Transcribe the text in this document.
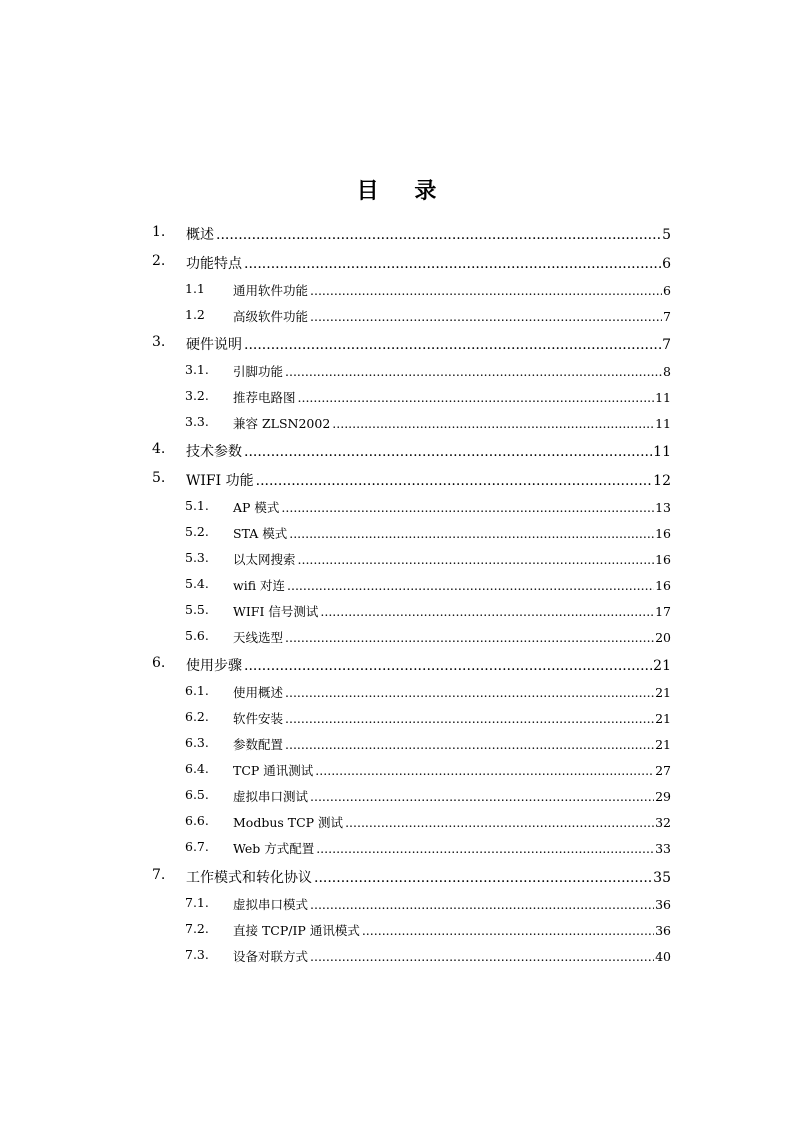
目 录
1. 概述 .....	5
2. 功能特点 .....	6
1.1 通用软件功能 .....	6
1.2 高级软件功能 .....	7
3. 硬件说明 .....	7
3.1. 引脚功能 .....	8
3.2. 推荐电路图 .....	11
3.3. 兼容 ZLSN2002 .....	11
4. 技术参数 .....	11
5. WIFI 功能 .....	12
5.1. AP 模式 .....	13
5.2. STA 模式 .....	16
5.3. 以太网搜索 .....	16
5.4. wifi 对连 .....	16
5.5. WIFI 信号测试 .....	17
5.6. 天线选型 .....	20
6. 使用步骤 .....	21
6.1. 使用概述 .....	21
6.2. 软件安装 .....	21
6.3. 参数配置 .....	21
6.4. TCP 通讯测试 .....	27
6.5. 虚拟串口测试 .....	29
6.6. Modbus TCP 测试 .....	32
6.7. Web 方式配置 .....	33
7. 工作模式和转化协议 .....	35
7.1. 虚拟串口模式 .....	36
7.2. 直接 TCP/IP 通讯模式 .....	36
7.3. 设备对联方式 .....	40
